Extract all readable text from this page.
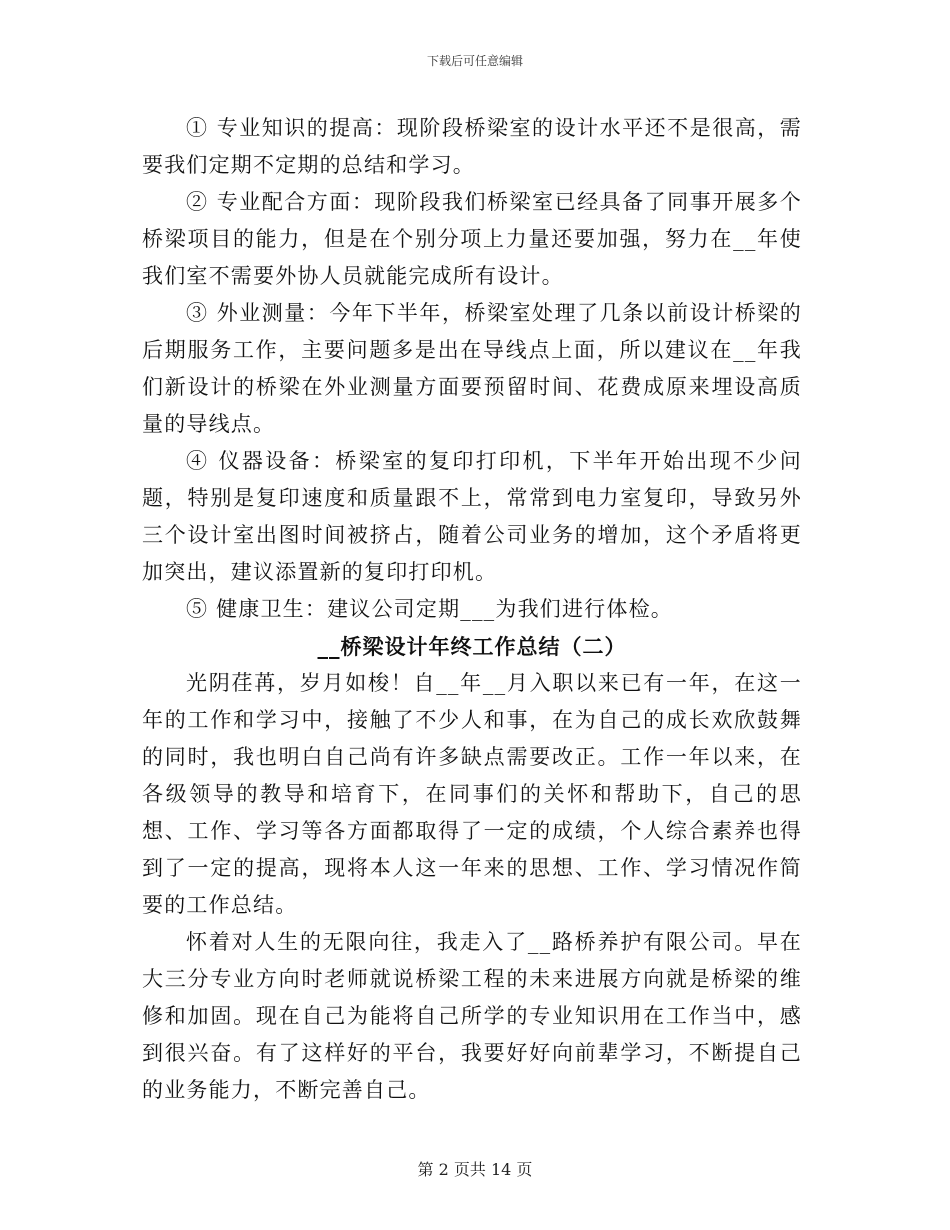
下载后可任意编辑

① 专业知识的提高：现阶段桥梁室的设计水平还不是很高，需要我们定期不定期的总结和学习。

② 专业配合方面：现阶段我们桥梁室已经具备了同事开展多个桥梁项目的能力，但是在个别分项上力量还要加强，努力在__年使我们室不需要外协人员就能完成所有设计。

③ 外业测量：今年下半年，桥梁室处理了几条以前设计桥梁的后期服务工作，主要问题多是出在导线点上面，所以建议在__年我们新设计的桥梁在外业测量方面要预留时间、花费成原来埋设高质量的导线点。

④ 仪器设备：桥梁室的复印打印机，下半年开始出现不少问题，特别是复印速度和质量跟不上，常常到电力室复印，导致另外三个设计室出图时间被挤占，随着公司业务的增加，这个矛盾将更加突出，建议添置新的复印打印机。

⑤ 健康卫生：建议公司定期___为我们进行体检。

__桥梁设计年终工作总结（二）

光阴荏苒，岁月如梭！自__年__月入职以来已有一年，在这一年的工作和学习中，接触了不少人和事，在为自己的成长欢欣鼓舞的同时，我也明白自己尚有许多缺点需要改正。工作一年以来，在各级领导的教导和培育下，在同事们的关怀和帮助下，自己的思想、工作、学习等各方面都取得了一定的成绩，个人综合素养也得到了一定的提高，现将本人这一年来的思想、工作、学习情况作简要的工作总结。

怀着对人生的无限向往，我走入了__路桥养护有限公司。早在大三分专业方向时老师就说桥梁工程的未来进展方向就是桥梁的维修和加固。现在自己为能将自己所学的专业知识用在工作当中，感到很兴奋。有了这样好的平台，我要好好向前辈学习，不断提自己的业务能力，不断完善自己。

第 2 页共 14 页
